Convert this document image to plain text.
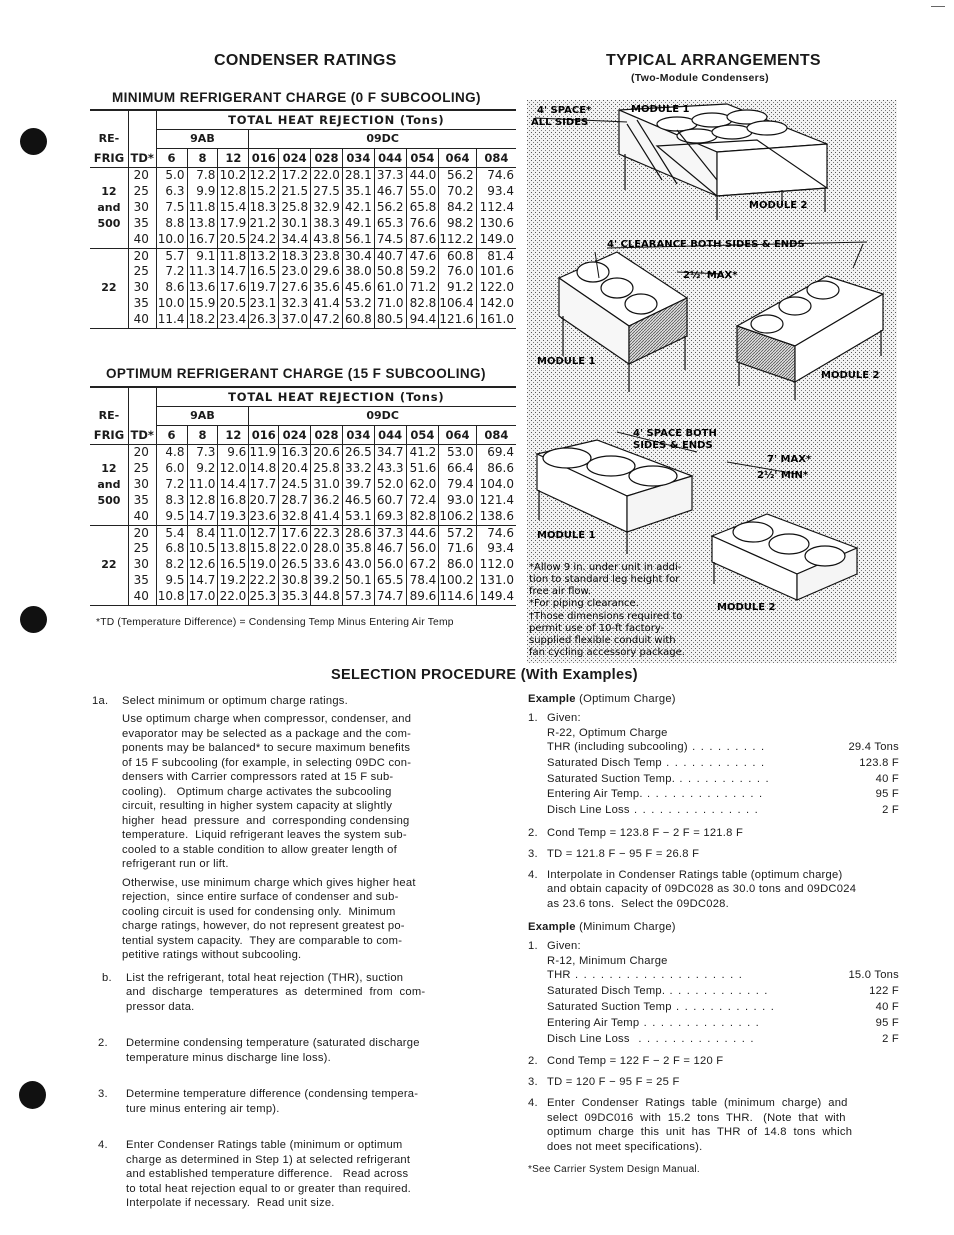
CONDENSER RATINGS	TYPICAL ARRANGEMENTS
(Two-Module Condensers)
MINIMUM REFRIGERANT CHARGE (0 F SUBCOOLING)
		TOTAL HEAT REJECTION (Tons)										
RE-		9AB			09DC							
FRIG	TD*	6	8	12	016	024	028	034	044	054	064	084
	20	5.0	7.8	10.2	12.2	17.2	22.0	28.1	37.3	44.0	56.2	74.6
12	25	6.3	9.9	12.8	15.2	21.5	27.5	35.1	46.7	55.0	70.2	93.4
and	30	7.5	11.8	15.4	18.3	25.8	32.9	42.1	56.2	65.8	84.2	112.4
500	35	8.8	13.8	17.9	21.2	30.1	38.3	49.1	65.3	76.6	98.2	130.6
	40	10.0	16.7	20.5	24.2	34.4	43.8	56.1	74.5	87.6	112.2	149.0
	20	5.7	9.1	11.8	13.2	18.3	23.8	30.4	40.7	47.6	60.8	81.4
	25	7.2	11.3	14.7	16.5	23.0	29.6	38.0	50.8	59.2	76.0	101.6
22	30	8.6	13.6	17.6	19.7	27.6	35.6	45.6	61.0	71.2	91.2	122.0
	35	10.0	15.9	20.5	23.1	32.3	41.4	53.2	71.0	82.8	106.4	142.0
	40	11.4	18.2	23.4	26.3	37.0	47.2	60.8	80.5	94.4	121.6	161.0
OPTIMUM REFRIGERANT CHARGE (15 F SUBCOOLING)
		TOTAL HEAT REJECTION (Tons)										
RE-		9AB			09DC							
FRIG	TD*	6	8	12	016	024	028	034	044	054	064	084
	20	4.8	7.3	9.6	11.9	16.3	20.6	26.5	34.7	41.2	53.0	69.4
12	25	6.0	9.2	12.0	14.8	20.4	25.8	33.2	43.3	51.6	66.4	86.6
and	30	7.2	11.0	14.4	17.7	24.5	31.0	39.7	52.0	62.0	79.4	104.0
500	35	8.3	12.8	16.8	20.7	28.7	36.2	46.5	60.7	72.4	93.0	121.4
	40	9.5	14.7	19.3	23.6	32.8	41.4	53.1	69.3	82.8	106.2	138.6
	20	5.4	8.4	11.0	12.7	17.6	22.3	28.6	37.3	44.6	57.2	74.6
	25	6.8	10.5	13.8	15.8	22.0	28.0	35.8	46.7	56.0	71.6	93.4
22	30	8.2	12.6	16.5	19.0	26.5	33.6	43.0	56.0	67.2	86.0	112.0
	35	9.5	14.7	19.2	22.2	30.8	39.2	50.1	65.5	78.4	100.2	131.0
	40	10.8	17.0	22.0	25.3	35.3	44.8	57.3	74.7	89.6	114.6	149.4
*TD (Temperature Difference) = Condensing Temp Minus Entering Air Temp
4' SPACE*
ALL SIDES
MODULE 1
MODULE 2
4' CLEARANCE BOTH SIDES & ENDS
2½' MAX*
MODULE 1
MODULE 2
4' SPACE BOTH
SIDES & ENDS
7' MAX*
2½' MIN*
MODULE 1
MODULE 2
*Allow 9 in. under unit in addi-
tion to standard leg height for
free air flow.
*For piping clearance.
†Those dimensions required to
permit use of 10-ft factory-
supplied flexible conduit with
fan cycling accessory package.
SELECTION PROCEDURE (With Examples)
1a. Select minimum or optimum charge ratings.
Use optimum charge when compressor, condenser, and
evaporator may be selected as a package and the com-
ponents may be balanced* to secure maximum benefits
of 15 F subcooling (for example, in selecting 09DC con-
densers with Carrier compressors rated at 15 F sub-
cooling).   Optimum charge activates the subcooling
circuit, resulting in higher system capacity at slightly
higher  head  pressure  and  corresponding condensing
temperature.  Liquid refrigerant leaves the system sub-
cooled to a stable condition to allow greater length of
refrigerant run or lift.
Otherwise, use minimum charge which gives higher heat
rejection,  since entire surface of condenser and sub-
cooling circuit is used for condensing only.  Minimum
charge ratings, however, do not represent greatest po-
tential system capacity.  They are comparable to com-
petitive ratings without subcooling.
b. List the refrigerant, total heat rejection (THR), suction
and  discharge  temperatures  as  determined  from  com-
pressor data.
2. Determine condensing temperature (saturated discharge
temperature minus discharge line loss).
3. Determine temperature difference (condensing tempera-
ture minus entering air temp).
4. Enter Condenser Ratings table (minimum or optimum
charge as determined in Step 1) at selected refrigerant
and established temperature difference.   Read across
to total heat rejection equal to or greater than required.
Interpolate if necessary.  Read unit size.
Example (Optimum Charge)
1. Given:
R-22, Optimum Charge
THR (including subcooling) . . . . . . . . .	29.4 Tons
Saturated Disch Temp . . . . . . . . . . . .	123.8 F
Saturated Suction Temp. . . . . . . . . . . .	40 F
Entering Air Temp. . . . . . . . . . . . . . .	95 F
Disch Line Loss . . . . . . . . . . . . . . .	2 F
2. Cond Temp = 123.8 F − 2 F = 121.8 F
3. TD = 121.8 F − 95 F = 26.8 F
4. Interpolate in Condenser Ratings table (optimum charge)
and obtain capacity of 09DC028 as 30.0 tons and 09DC024
as 23.6 tons.  Select the 09DC028.
Example (Minimum Charge)
1. Given:
R-12, Minimum Charge
THR . . . . . . . . . . . . . . . . . . . .	15.0 Tons
Saturated Disch Temp. . . . . . . . . . . . .	122 F
Saturated Suction Temp . . . . . . . . . . . .	40 F
Entering Air Temp . . . . . . . . . . . . . .	95 F
Disch Line Loss . . . . . . . . . . . . . .	2 F
2. Cond Temp = 122 F − 2 F = 120 F
3. TD = 120 F − 95 F = 25 F
4. Enter  Condenser  Ratings  table  (minimum  charge)  and
select  09DC016  with  15.2  tons  THR.   (Note  that  with
optimum  charge  this  unit  has  THR  of  14.8  tons  which
does not meet specifications).
*See Carrier System Design Manual.
